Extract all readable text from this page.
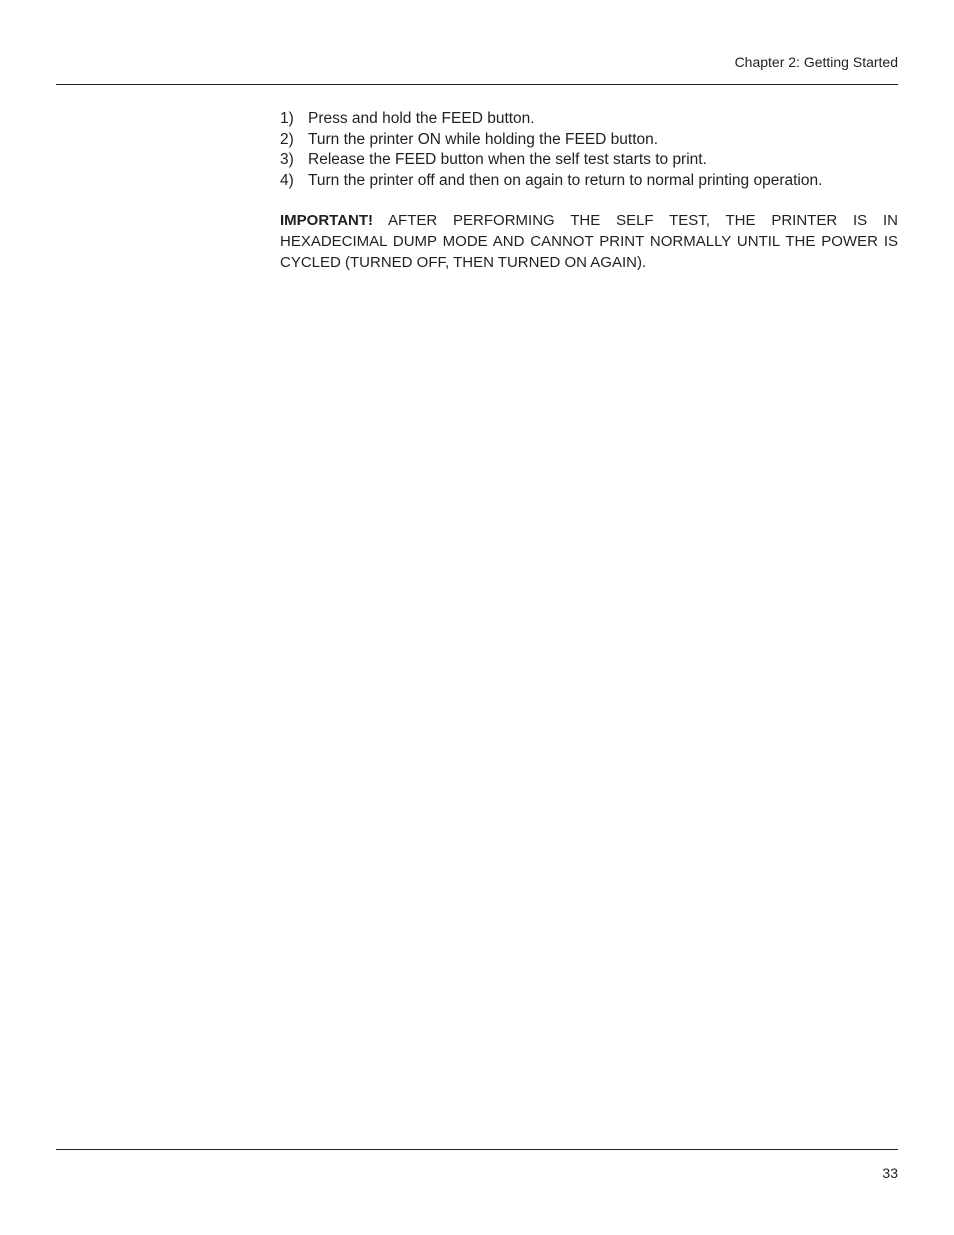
Chapter 2: Getting Started
1) Press and hold the FEED button.
2) Turn the printer ON while holding the FEED button.
3) Release the FEED button when the self test starts to print.
4) Turn the printer off and then on again to return to normal printing operation.

IMPORTANT! AFTER PERFORMING THE SELF TEST, THE PRINTER IS IN HEXADECIMAL DUMP MODE AND CANNOT PRINT NORMALLY UNTIL THE POWER IS CYCLED (TURNED OFF, THEN TURNED ON AGAIN).

33
